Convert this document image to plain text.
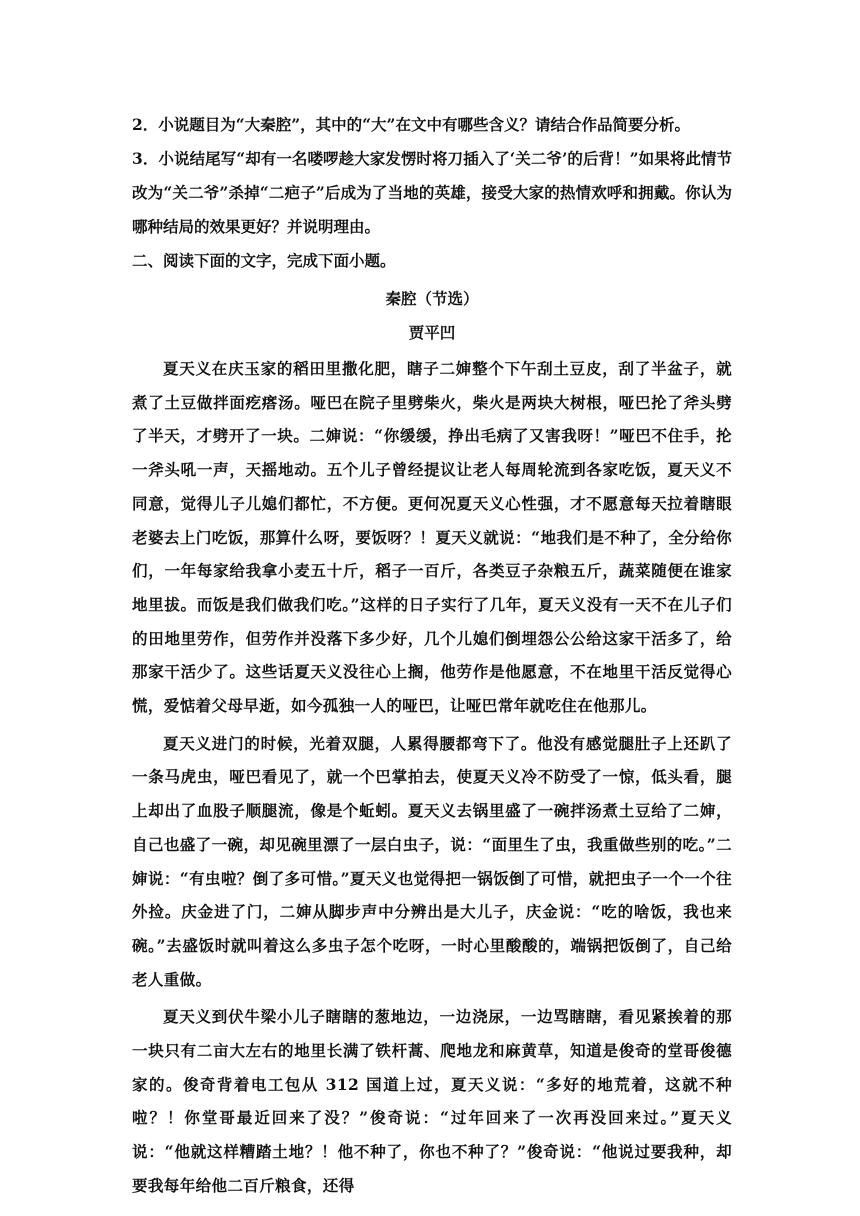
2．小说题目为“大秦腔”，其中的“大”在文中有哪些含义？请结合作品简要分析。

3．小说结尾写“却有一名喽啰趁大家发愣时将刀插入了‘关二爷’的后背！”如果将此情节改为“关二爷”杀掉“二疤子”后成为了当地的英雄，接受大家的热情欢呼和拥戴。你认为哪种结局的效果更好？并说明理由。

二、阅读下面的文字，完成下面小题。

秦腔（节选）

贾平凹

夏天义在庆玉家的稻田里撒化肥，瞎子二婶整个下午刮土豆皮，刮了半盆子，就煮了土豆做拌面疙瘩汤。哑巴在院子里劈柴火，柴火是两块大树根，哑巴抡了斧头劈了半天，才劈开了一块。二婶说：“你缓缓，挣出毛病了又害我呀！”哑巴不住手，抡一斧头吼一声，天摇地动。五个儿子曾经提议让老人每周轮流到各家吃饭，夏天义不同意，觉得儿子儿媳们都忙，不方便。更何况夏天义心性强，才不愿意每天拉着瞎眼老婆去上门吃饭，那算什么呀，要饭呀？！夏天义就说：“地我们是不种了，全分给你们，一年每家给我拿小麦五十斤，稻子一百斤，各类豆子杂粮五斤，蔬菜随便在谁家地里拔。而饭是我们做我们吃。”这样的日子实行了几年，夏天义没有一天不在儿子们的田地里劳作，但劳作并没落下多少好，几个儿媳们倒埋怨公公给这家干活多了，给那家干活少了。这些话夏天义没往心上搁，他劳作是他愿意，不在地里干活反觉得心慌，爱惦着父母早逝，如今孤独一人的哑巴，让哑巴常年就吃住在他那儿。

夏天义进门的时候，光着双腿，人累得腰都弯下了。他没有感觉腿肚子上还趴了一条马虎虫，哑巴看见了，就一个巴掌拍去，使夏天义冷不防受了一惊，低头看，腿上却出了血股子顺腿流，像是个蚯蚓。夏天义去锅里盛了一碗拌汤煮土豆给了二婶，自己也盛了一碗，却见碗里漂了一层白虫子，说：“面里生了虫，我重做些别的吃。”二婶说：“有虫啦？倒了多可惜。”夏天义也觉得把一锅饭倒了可惜，就把虫子一个一个往外捡。庆金进了门，二婶从脚步声中分辨出是大儿子，庆金说：“吃的啥饭，我也来碗。”去盛饭时就叫着这么多虫子怎个吃呀，一时心里酸酸的，端锅把饭倒了，自己给老人重做。

夏天义到伏牛梁小儿子瞎瞎的葱地边，一边浇尿，一边骂瞎瞎，看见紧挨着的那一块只有二亩大左右的地里长满了铁杆蒿、爬地龙和麻黄草，知道是俊奇的堂哥俊德家的。俊奇背着电工包从 312 国道上过，夏天义说：“多好的地荒着，这就不种啦？！你堂哥最近回来了没？”俊奇说：“过年回来了一次再没回来过。”夏天义说：“他就这样糟踏土地？！他不种了，你也不种了？”俊奇说：“他说过要我种，却要我每年给他二百斤粮食，还得
